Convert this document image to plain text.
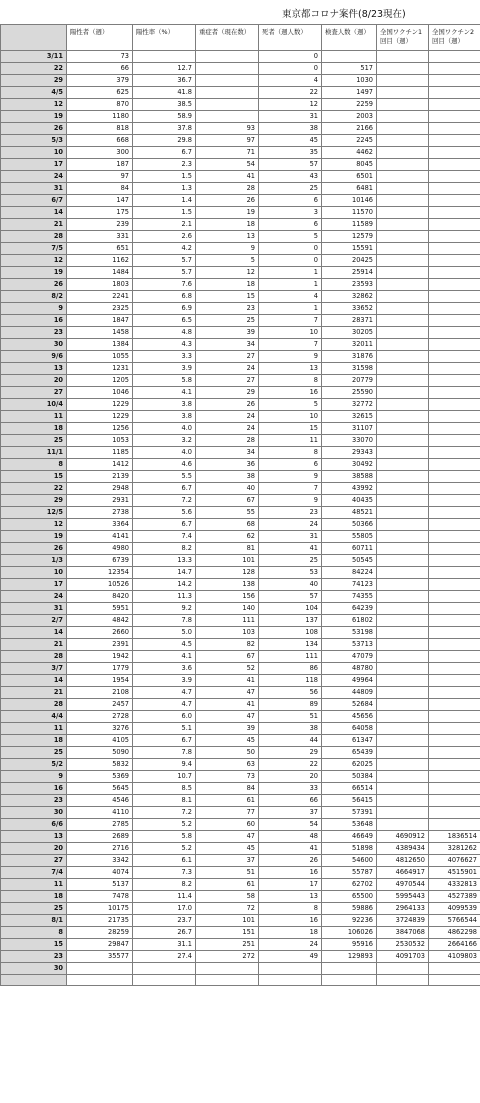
東京都コロナ案件(8/23現在)
	陽性者（週）	陽性率（%）	重症者（現在数）	死者（週人数）	検査人数（週）	全国ワクチン1回目（週）	全国ワクチン2回目（週）
3/11	73			0			
22	66	12.7		0	517		
29	379	36.7		4	1030		
4/5	625	41.8		22	1497		
12	870	38.5		12	2259		
19	1180	58.9		31	2003		
26	818	37.8	93	38	2166		
5/3	668	29.8	97	45	2245		
10	300	6.7	71	35	4462		
17	187	2.3	54	57	8045		
24	97	1.5	41	43	6501		
31	84	1.3	28	25	6481		
6/7	147	1.4	26	6	10146		
14	175	1.5	19	3	11570		
21	239	2.1	18	6	11589		
28	331	2.6	13	5	12579		
7/5	651	4.2	9	0	15591		
12	1162	5.7	5	0	20425		
19	1484	5.7	12	1	25914		
26	1803	7.6	18	1	23593		
8/2	2241	6.8	15	4	32862		
9	2325	6.9	23	1	33652		
16	1847	6.5	25	7	28371		
23	1458	4.8	39	10	30205		
30	1384	4.3	34	7	32011		
9/6	1055	3.3	27	9	31876		
13	1231	3.9	24	13	31598		
20	1205	5.8	27	8	20779		
27	1046	4.1	29	16	25590		
10/4	1229	3.8	26	5	32772		
11	1229	3.8	24	10	32615		
18	1256	4.0	24	15	31107		
25	1053	3.2	28	11	33070		
11/1	1185	4.0	34	8	29343		
8	1412	4.6	36	6	30492		
15	2139	5.5	38	9	38588		
22	2948	6.7	40	7	43992		
29	2931	7.2	67	9	40435		
12/5	2738	5.6	55	23	48521		
12	3364	6.7	68	24	50366		
19	4141	7.4	62	31	55805		
26	4980	8.2	81	41	60711		
1/3	6739	13.3	101	25	50545		
10	12354	14.7	128	53	84224		
17	10526	14.2	138	40	74123		
24	8420	11.3	156	57	74355		
31	5951	9.2	140	104	64239		
2/7	4842	7.8	111	137	61802		
14	2660	5.0	103	108	53198		
21	2391	4.5	82	134	53713		
28	1942	4.1	67	111	47079		
3/7	1779	3.6	52	86	48780		
14	1954	3.9	41	118	49964		
21	2108	4.7	47	56	44809		
28	2457	4.7	41	89	52684		
4/4	2728	6.0	47	51	45656		
11	3276	5.1	39	38	64058		
18	4105	6.7	45	44	61347		
25	5090	7.8	50	29	65439		
5/2	5832	9.4	63	22	62025		
9	5369	10.7	73	20	50384		
16	5645	8.5	84	33	66514		
23	4546	8.1	61	66	56415		
30	4110	7.2	77	37	57391		
6/6	2785	5.2	60	54	53648		
13	2689	5.8	47	48	46649	4690912	1836514
20	2716	5.2	45	41	51898	4389434	3281262
27	3342	6.1	37	26	54600	4812650	4076627
7/4	4074	7.3	51	16	55787	4664917	4515901
11	5137	8.2	61	17	62702	4970544	4332813
18	7478	11.4	58	13	65500	5995443	4527389
25	10175	17.0	72	8	59886	2964133	4099539
8/1	21735	23.7	101	16	92236	3724839	5766544
8	28259	26.7	151	18	106026	3847068	4862298
15	29847	31.1	251	24	95916	2530532	2664166
23	35577	27.4	272	49	129893	4091703	4109803
30							
